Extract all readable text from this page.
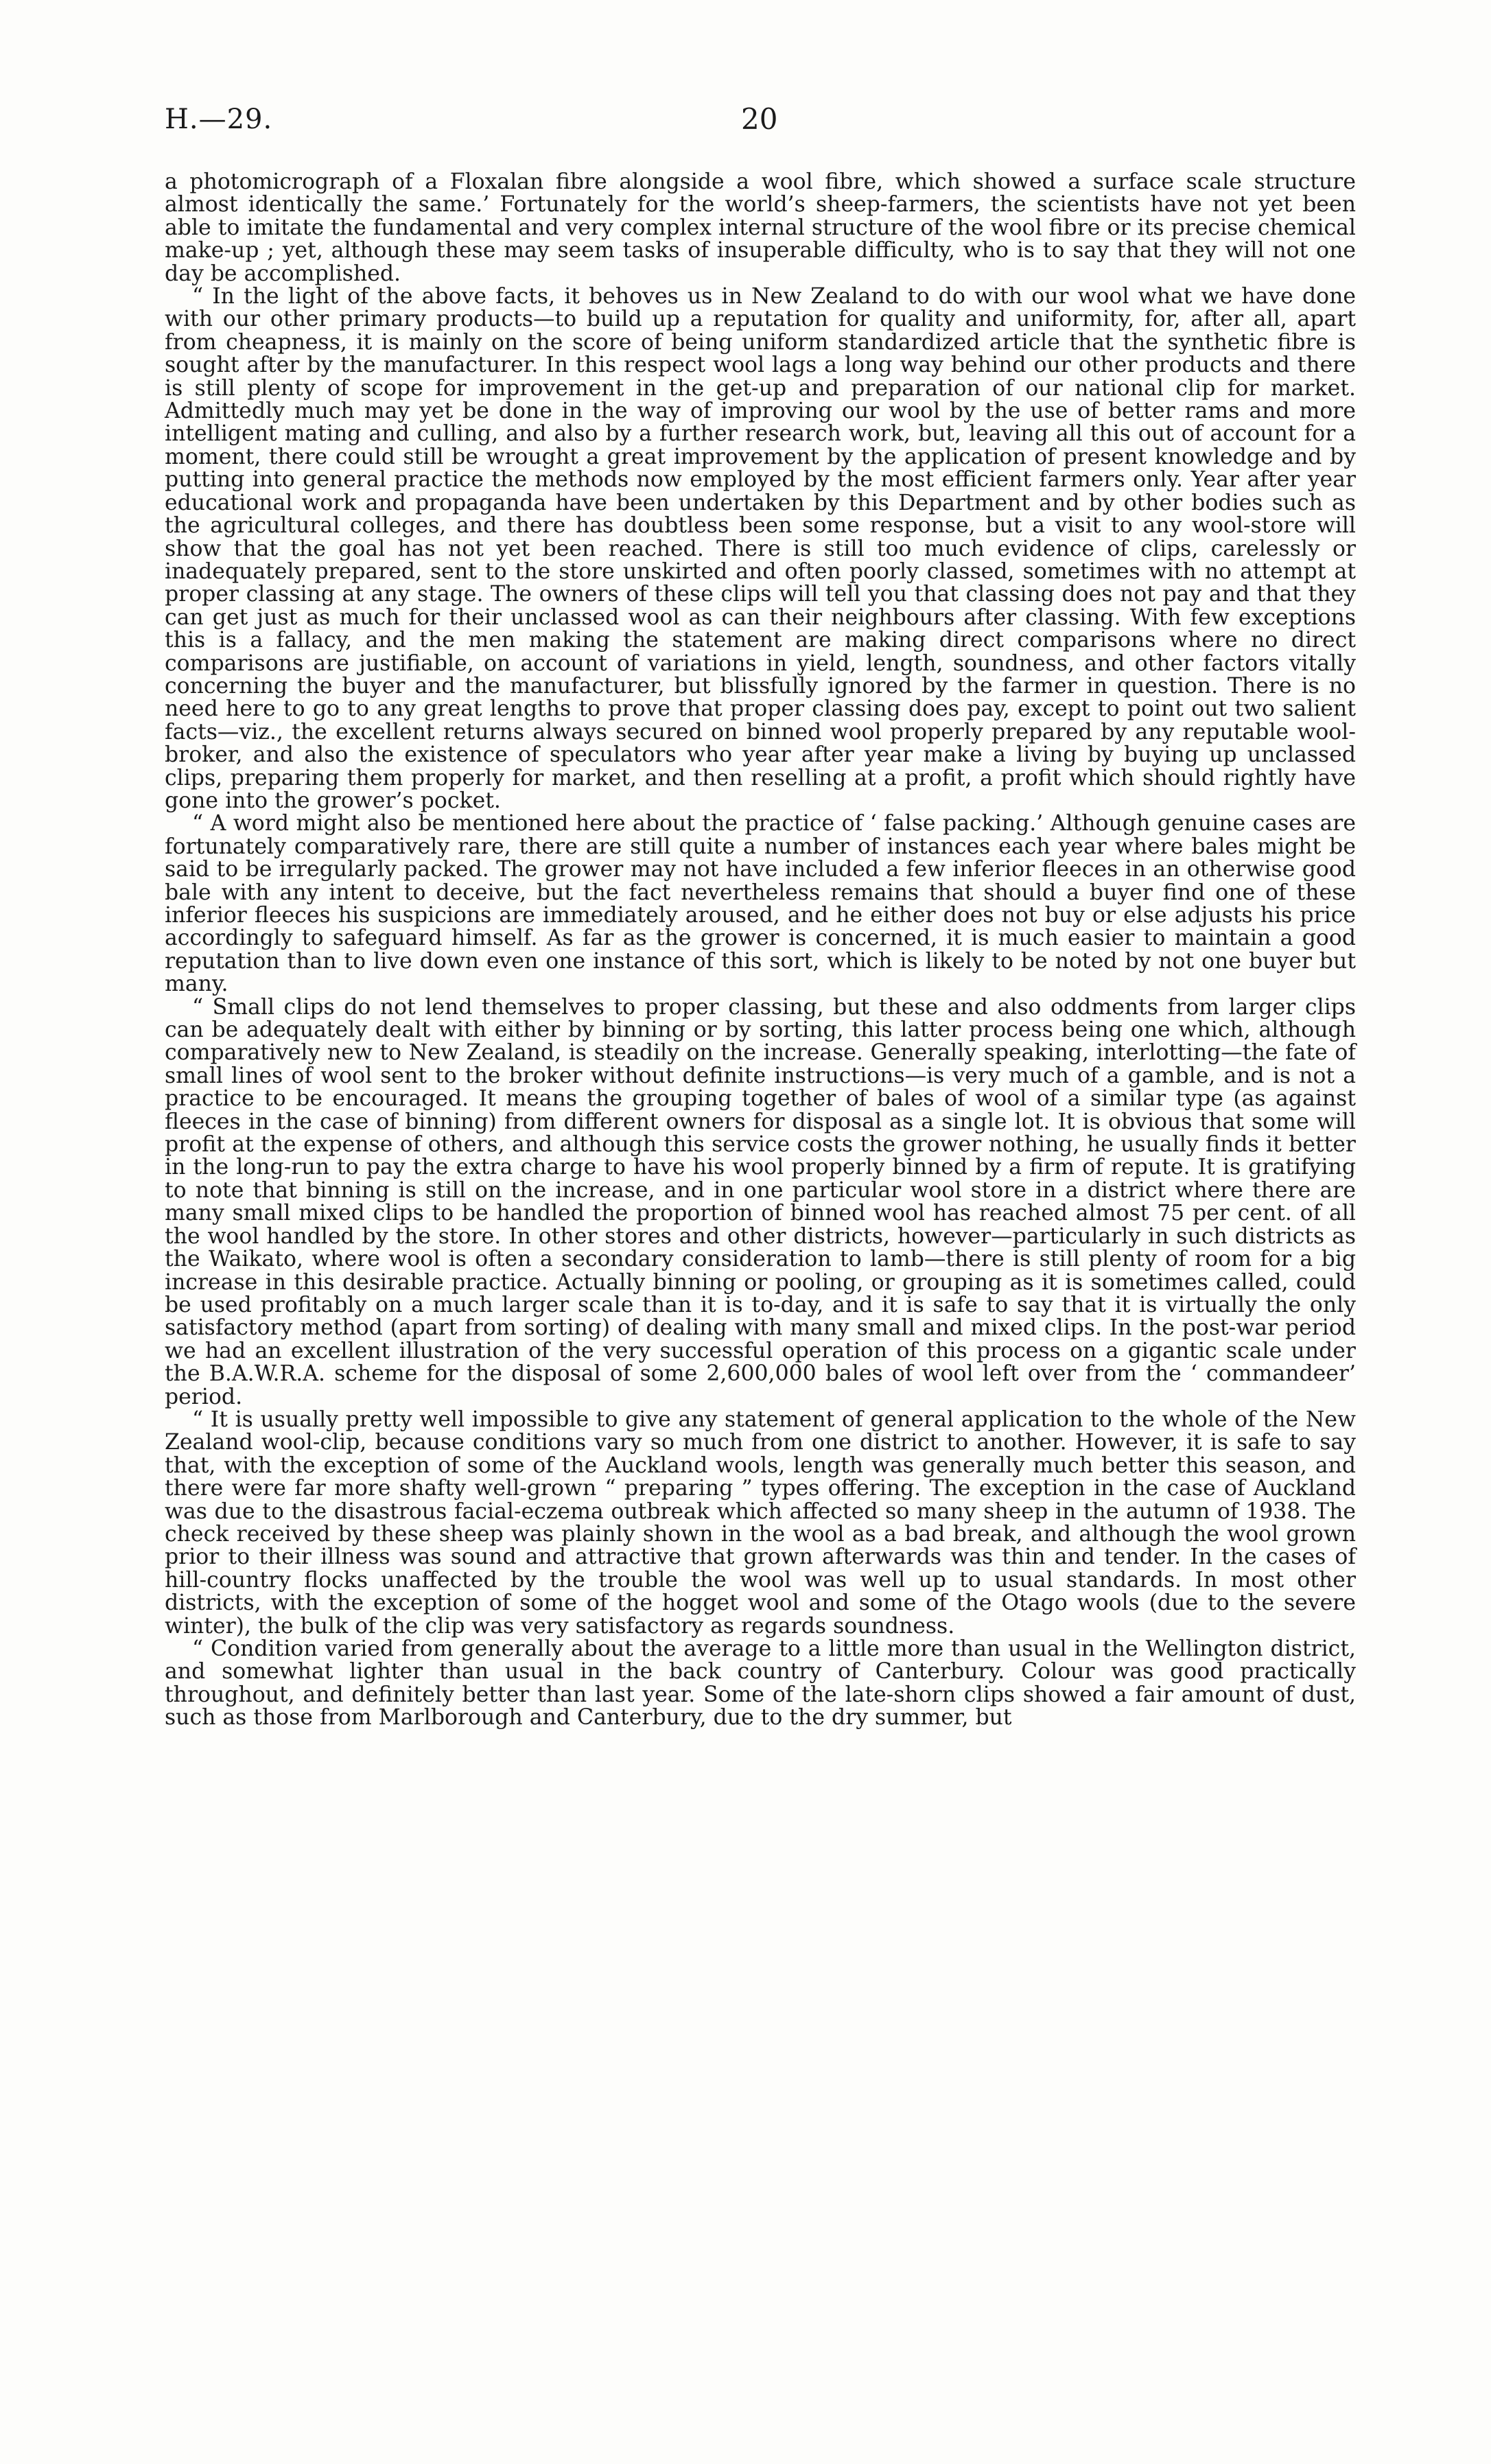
H.—29.	20

a photomicrograph of a Floxalan fibre alongside a wool fibre, which showed a surface scale structure almost identically the same.’ Fortunately for the world’s sheep-farmers, the scientists have not yet been able to imitate the fundamental and very complex internal structure of the wool fibre or its precise chemical make-up ; yet, although these may seem tasks of insuperable difficulty, who is to say that they will not one day be accomplished.

“ In the light of the above facts, it behoves us in New Zealand to do with our wool what we have done with our other primary products—to build up a reputation for quality and uniformity, for, after all, apart from cheapness, it is mainly on the score of being uniform standardized article that the synthetic fibre is sought after by the manufacturer. In this respect wool lags a long way behind our other products and there is still plenty of scope for improvement in the get-up and preparation of our national clip for market. Admittedly much may yet be done in the way of improving our wool by the use of better rams and more intelligent mating and culling, and also by a further research work, but, leaving all this out of account for a moment, there could still be wrought a great improvement by the application of present knowledge and by putting into general practice the methods now employed by the most efficient farmers only. Year after year educational work and propaganda have been undertaken by this Department and by other bodies such as the agricultural colleges, and there has doubtless been some response, but a visit to any wool-store will show that the goal has not yet been reached. There is still too much evidence of clips, carelessly or inadequately prepared, sent to the store unskirted and often poorly classed, sometimes with no attempt at proper classing at any stage. The owners of these clips will tell you that classing does not pay and that they can get just as much for their unclassed wool as can their neighbours after classing. With few exceptions this is a fallacy, and the men making the statement are making direct comparisons where no direct comparisons are justifiable, on account of variations in yield, length, soundness, and other factors vitally concerning the buyer and the manufacturer, but blissfully ignored by the farmer in question. There is no need here to go to any great lengths to prove that proper classing does pay, except to point out two salient facts—viz., the excellent returns always secured on binned wool properly prepared by any reputable wool-broker, and also the existence of speculators who year after year make a living by buying up unclassed clips, preparing them properly for market, and then reselling at a profit, a profit which should rightly have gone into the grower’s pocket.

“ A word might also be mentioned here about the practice of ‘ false packing.’ Although genuine cases are fortunately comparatively rare, there are still quite a number of instances each year where bales might be said to be irregularly packed. The grower may not have included a few inferior fleeces in an otherwise good bale with any intent to deceive, but the fact nevertheless remains that should a buyer find one of these inferior fleeces his suspicions are immediately aroused, and he either does not buy or else adjusts his price accordingly to safeguard himself. As far as the grower is concerned, it is much easier to maintain a good reputation than to live down even one instance of this sort, which is likely to be noted by not one buyer but many.

“ Small clips do not lend themselves to proper classing, but these and also oddments from larger clips can be adequately dealt with either by binning or by sorting, this latter process being one which, although comparatively new to New Zealand, is steadily on the increase. Generally speaking, interlotting—the fate of small lines of wool sent to the broker without definite instructions—is very much of a gamble, and is not a practice to be encouraged. It means the grouping together of bales of wool of a similar type (as against fleeces in the case of binning) from different owners for disposal as a single lot. It is obvious that some will profit at the expense of others, and although this service costs the grower nothing, he usually finds it better in the long-run to pay the extra charge to have his wool properly binned by a firm of repute. It is gratifying to note that binning is still on the increase, and in one particular wool store in a district where there are many small mixed clips to be handled the proportion of binned wool has reached almost 75 per cent. of all the wool handled by the store. In other stores and other districts, however—particularly in such districts as the Waikato, where wool is often a secondary consideration to lamb—there is still plenty of room for a big increase in this desirable practice. Actually binning or pooling, or grouping as it is sometimes called, could be used profitably on a much larger scale than it is to-day, and it is safe to say that it is virtually the only satisfactory method (apart from sorting) of dealing with many small and mixed clips. In the post-war period we had an excellent illustration of the very successful operation of this process on a gigantic scale under the B.A.W.R.A. scheme for the disposal of some 2,600,000 bales of wool left over from the ‘ commandeer’ period.

“ It is usually pretty well impossible to give any statement of general application to the whole of the New Zealand wool-clip, because conditions vary so much from one district to another. However, it is safe to say that, with the exception of some of the Auckland wools, length was generally much better this season, and there were far more shafty well-grown “ preparing ” types offering. The exception in the case of Auckland was due to the disastrous facial-eczema outbreak which affected so many sheep in the autumn of 1938. The check received by these sheep was plainly shown in the wool as a bad break, and although the wool grown prior to their illness was sound and attractive that grown afterwards was thin and tender. In the cases of hill-country flocks unaffected by the trouble the wool was well up to usual standards. In most other districts, with the exception of some of the hogget wool and some of the Otago wools (due to the severe winter), the bulk of the clip was very satisfactory as regards soundness.

“ Condition varied from generally about the average to a little more than usual in the Wellington district, and somewhat lighter than usual in the back country of Canterbury. Colour was good practically throughout, and definitely better than last year. Some of the late-shorn clips showed a fair amount of dust, such as those from Marlborough and Canterbury, due to the dry summer, but
